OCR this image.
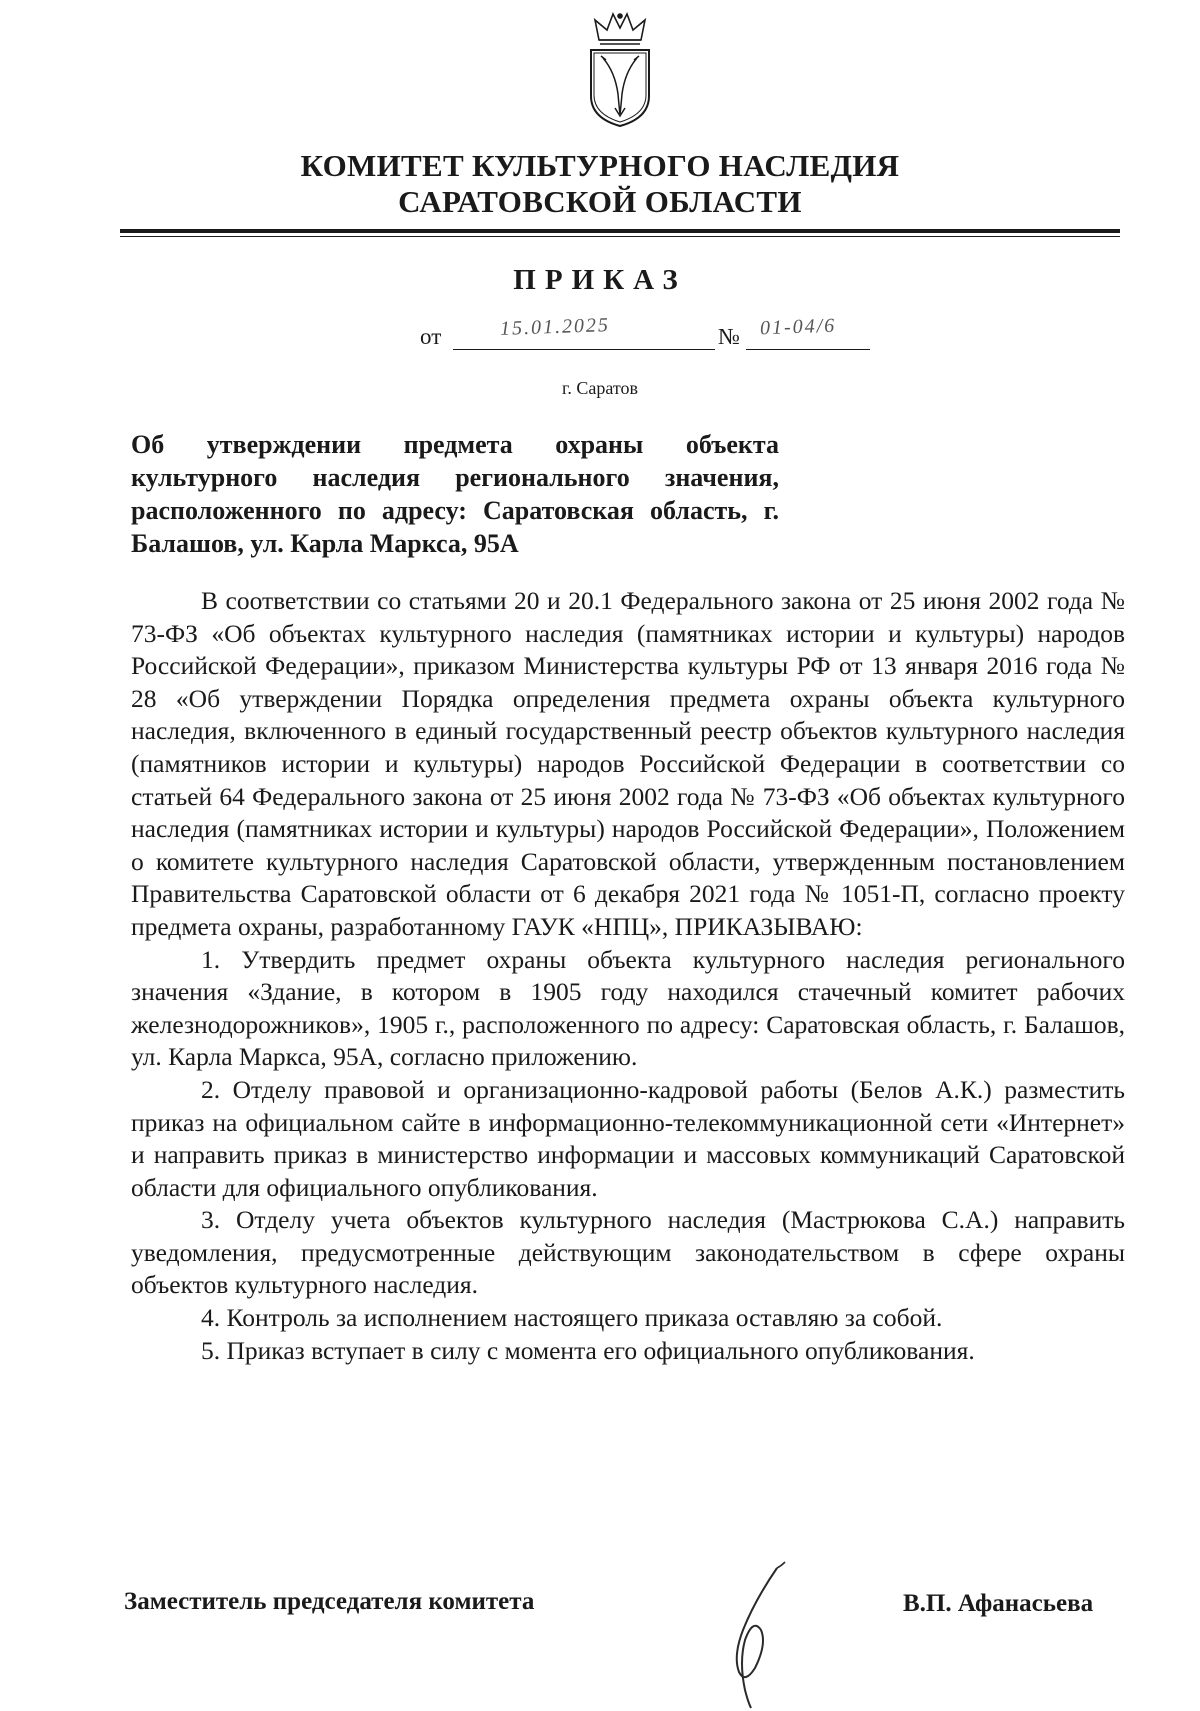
КОМИТЕТ КУЛЬТУРНОГО НАСЛЕДИЯ
САРАТОВСКОЙ ОБЛАСТИ
ПРИКАЗ
от	15.01.2025	№ 01-04/6
г. Саратов
Об утверждении предмета охраны объекта культурного наследия регионального значения, расположенного по адресу: Саратовская область, г. Балашов, ул. Карла Маркса, 95А

В соответствии со статьями 20 и 20.1 Федерального закона от 25 июня 2002 года № 73-ФЗ «Об объектах культурного наследия (памятниках истории и культуры) народов Российской Федерации», приказом Министерства культуры РФ от 13 января 2016 года № 28 «Об утверждении Порядка определения предмета охраны объекта культурного наследия, включенного в единый государственный реестр объектов культурного наследия (памятников истории и культуры) народов Российской Федерации в соответствии со статьей 64 Федерального закона от 25 июня 2002 года № 73-ФЗ «Об объектах культурного наследия (памятниках истории и культуры) народов Российской Федерации», Положением о комитете культурного наследия Саратовской области, утвержденным постановлением Правительства Саратовской области от 6 декабря 2021 года № 1051-П, согласно проекту предмета охраны, разработанному ГАУК «НПЦ», ПРИКАЗЫВАЮ:

1. Утвердить предмет охраны объекта культурного наследия регионального значения «Здание, в котором в 1905 году находился стачечный комитет рабочих железнодорожников», 1905 г., расположенного по адресу: Саратовская область, г. Балашов, ул. Карла Маркса, 95А, согласно приложению.

2. Отделу правовой и организационно-кадровой работы (Белов А.К.) разместить приказ на официальном сайте в информационно-телекоммуникационной сети «Интернет» и направить приказ в министерство информации и массовых коммуникаций Саратовской области для официального опубликования.

3. Отделу учета объектов культурного наследия (Мастрюкова С.А.) направить уведомления, предусмотренные действующим законодательством в сфере охраны объектов культурного наследия.

4. Контроль за исполнением настоящего приказа оставляю за собой.

5. Приказ вступает в силу с момента его официального опубликования.

Заместитель председателя комитета	В.П. Афанасьева
